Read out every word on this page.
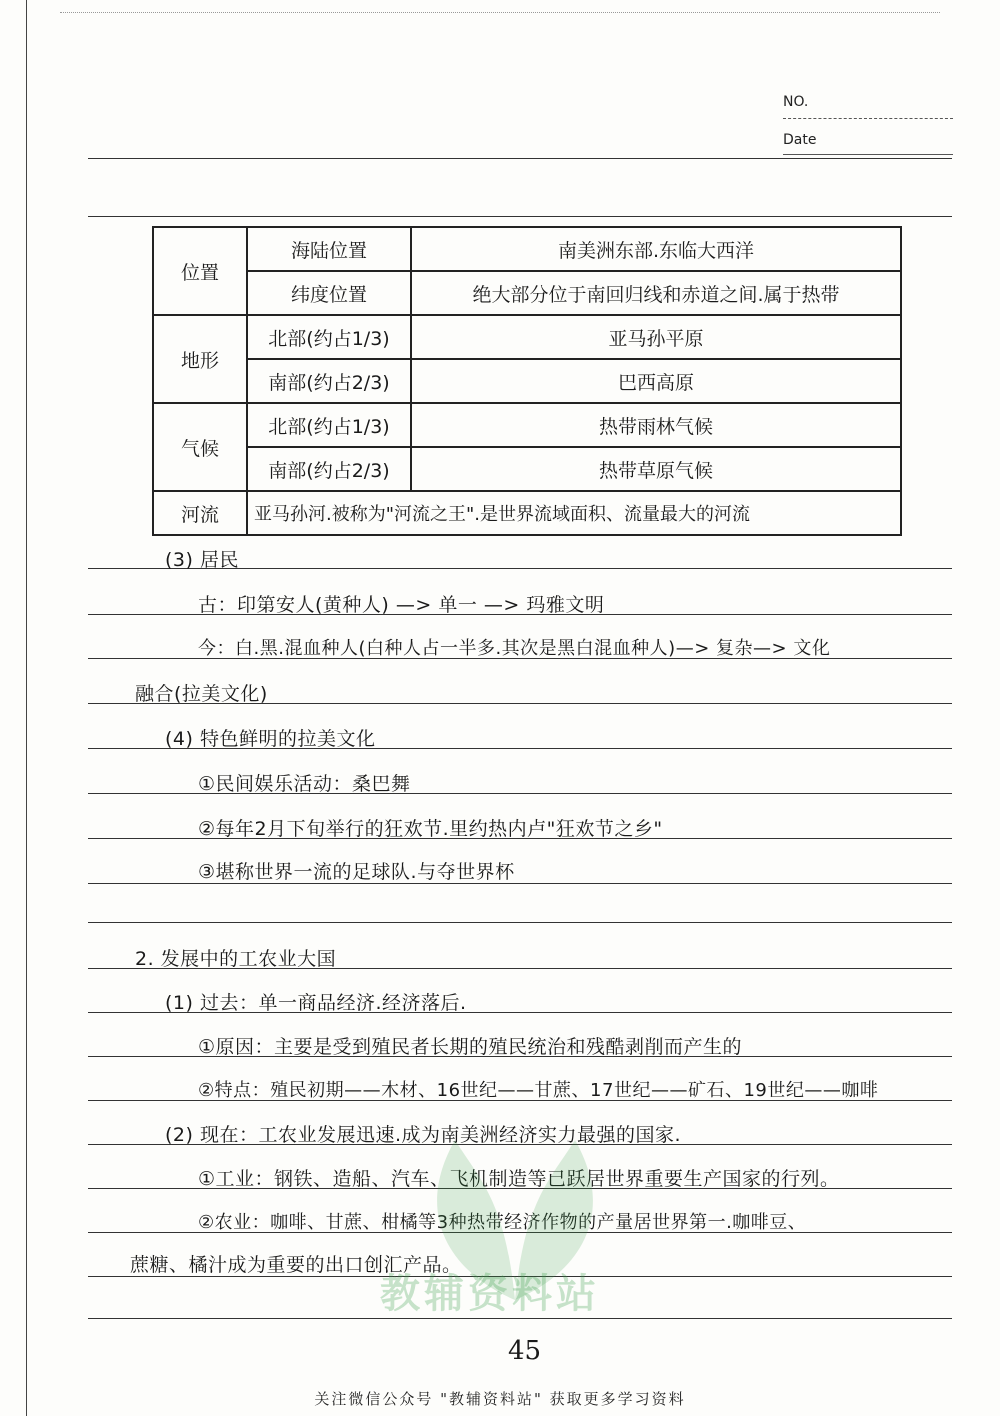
NO.
Date
位置	海陆位置	南美洲东部.东临大西洋
	纬度位置	绝大部分位于南回归线和赤道之间.属于热带
地形	北部(约占1/3)	亚马孙平原
	南部(约占2/3)	巴西高原
气候	北部(约占1/3)	热带雨林气候
	南部(约占2/3)	热带草原气候
河流	亚马孙河.被称为"河流之王".是世界流域面积、流量最大的河流	
(3) 居民
古：印第安人(黄种人) —> 单一 —> 玛雅文明
今：白.黑.混血种人(白种人占一半多.其次是黑白混血种人)—> 复杂—> 文化
融合(拉美文化)
(4) 特色鲜明的拉美文化
①民间娱乐活动：桑巴舞
②每年2月下旬举行的狂欢节.里约热内卢"狂欢节之乡"
③堪称世界一流的足球队.与夺世界杯
2. 发展中的工农业大国
(1) 过去：单一商品经济.经济落后.
①原因：主要是受到殖民者长期的殖民统治和残酷剥削而产生的
②特点：殖民初期——木材、16世纪——甘蔗、17世纪——矿石、19世纪——咖啡
(2) 现在：工农业发展迅速.成为南美洲经济实力最强的国家.
①工业：钢铁、造船、汽车、飞机制造等已跃居世界重要生产国家的行列。
②农业：咖啡、甘蔗、柑橘等3种热带经济作物的产量居世界第一.咖啡豆、
蔗糖、橘汁成为重要的出口创汇产品。
教辅资料站
45
关注微信公众号 "教辅资料站" 获取更多学习资料
